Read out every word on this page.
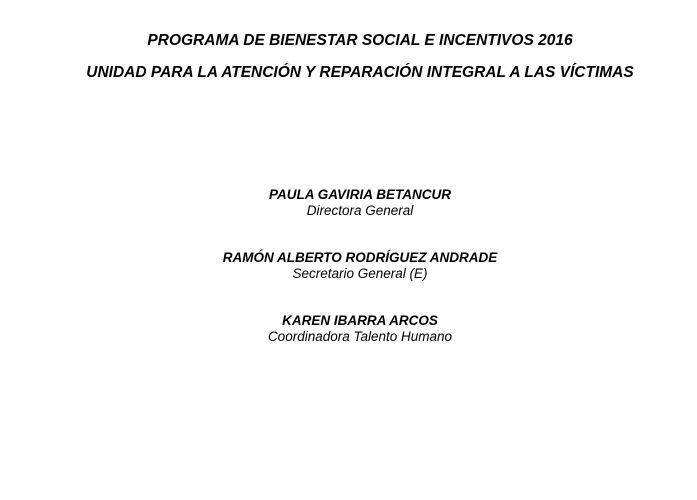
PROGRAMA DE BIENESTAR SOCIAL E INCENTIVOS 2016
UNIDAD PARA LA ATENCIÓN Y REPARACIÓN INTEGRAL A LAS VÍCTIMAS
PAULA GAVIRIA BETANCUR
Directora General
RAMÓN ALBERTO RODRÍGUEZ ANDRADE
Secretario General (E)
KAREN IBARRA ARCOS
Coordinadora Talento Humano
